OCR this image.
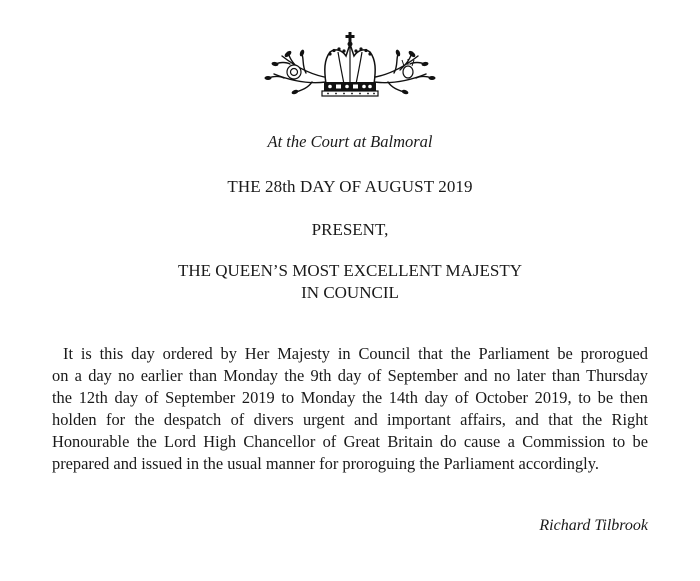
At the Court at Balmoral
THE 28th DAY OF AUGUST 2019
PRESENT,
THE QUEEN’S MOST EXCELLENT MAJESTY
IN COUNCIL
It is this day ordered by Her Majesty in Council that the Parliament be prorogued
on a day no earlier than Monday the 9th day of September and no later than Thursday
the 12th day of September 2019 to Monday the 14th day of October 2019, to be then
holden for the despatch of divers urgent and important affairs, and that the Right
Honourable the Lord High Chancellor of Great Britain do cause a Commission to be
prepared and issued in the usual manner for proroguing the Parliament accordingly.
Richard Tilbrook
